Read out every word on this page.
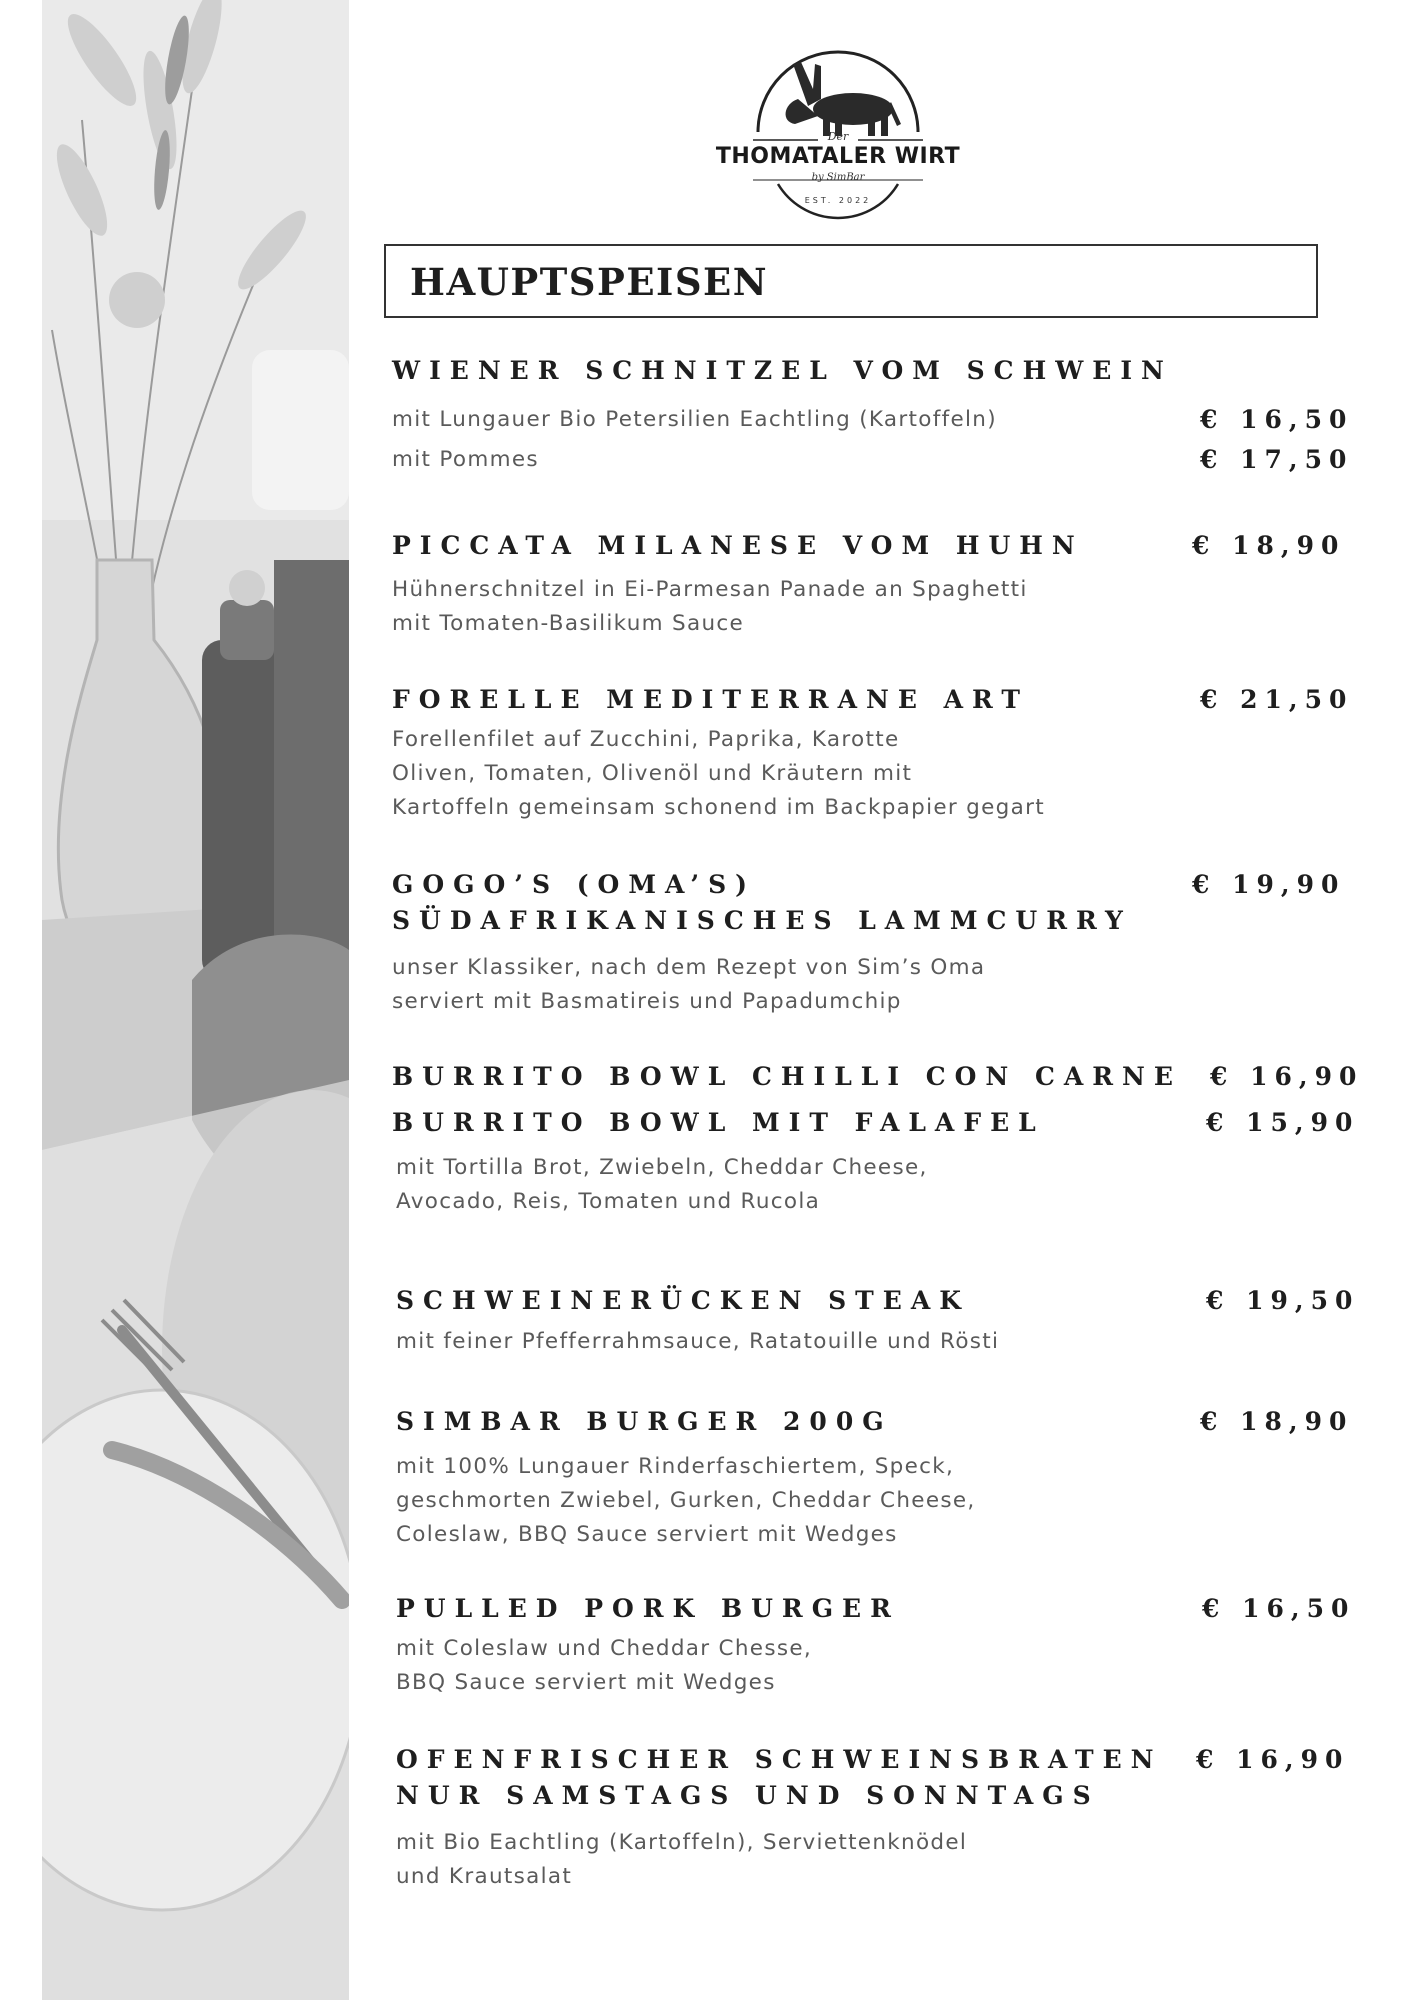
Der
THOMATALER WIRT
by SimBar
EST. 2022
HAUPTSPEISEN
WIENER SCHNITZEL VOM SCHWEIN
mit Lungauer Bio Petersilien Eachtling (Kartoffeln)	€ 16,50
mit Pommes	€ 17,50
PICCATA MILANESE VOM HUHN	€ 18,90
Hühnerschnitzel in Ei-Parmesan Panade an Spaghetti
mit Tomaten-Basilikum Sauce
FORELLE MEDITERRANE ART	€ 21,50
Forellenfilet auf Zucchini, Paprika, Karotte
Oliven, Tomaten, Olivenöl und Kräutern mit
Kartoffeln gemeinsam schonend im Backpapier gegart
GOGO’S (OMA’S)	€ 19,90
SÜDAFRIKANISCHES LAMMCURRY
unser Klassiker, nach dem Rezept von Sim’s Oma
serviert mit Basmatireis und Papadumchip
BURRITO BOWL CHILLI CON CARNE € 16,90
BURRITO BOWL MIT FALAFEL	€ 15,90
mit Tortilla Brot, Zwiebeln, Cheddar Cheese,
Avocado, Reis, Tomaten und Rucola
SCHWEINERÜCKEN STEAK	€ 19,50
mit feiner Pfefferrahmsauce, Ratatouille und Rösti
SIMBAR BURGER 200G	€ 18,90
mit 100% Lungauer Rinderfaschiertem, Speck,
geschmorten Zwiebel, Gurken, Cheddar Cheese,
Coleslaw, BBQ Sauce serviert mit Wedges
PULLED PORK BURGER	€ 16,50
mit Coleslaw und Cheddar Chesse,
BBQ Sauce serviert mit Wedges
OFENFRISCHER SCHWEINSBRATEN € 16,90
NUR SAMSTAGS UND SONNTAGS
mit Bio Eachtling (Kartoffeln), Serviettenknödel
und Krautsalat
